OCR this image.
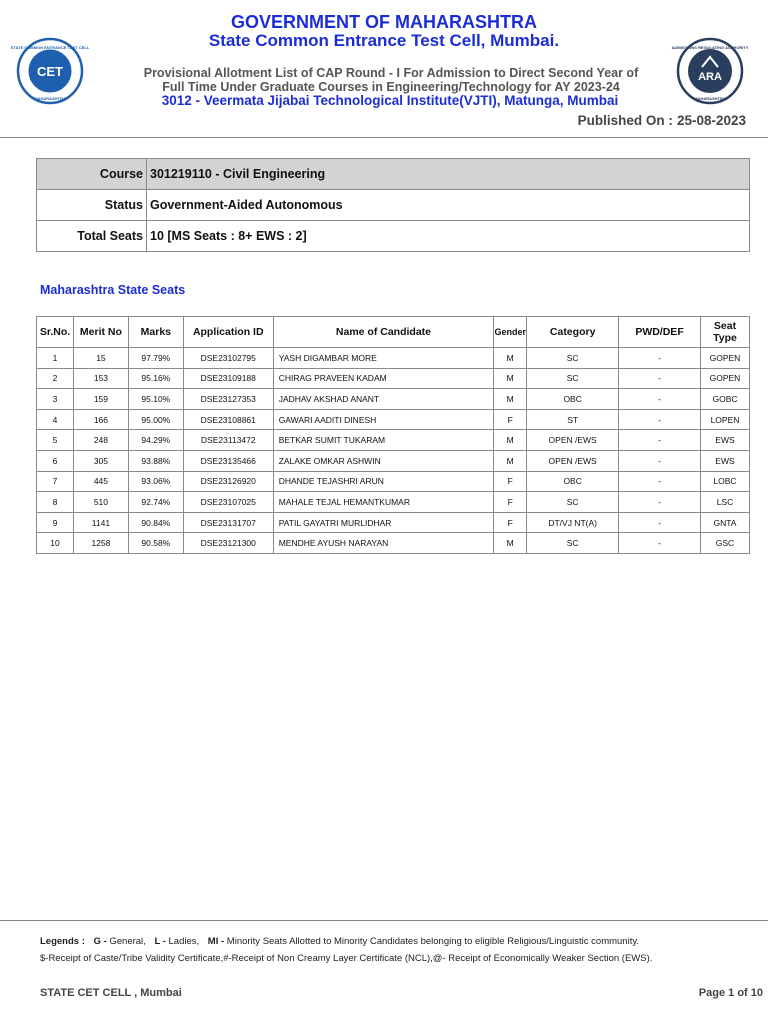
CET
STATE COMMON ENTRANCE TEST CELL
MAHARASHTRA
ARA
ADMISSIONS REGULATING AUTHORITY
MAHARASHTRA
GOVERNMENT OF MAHARASHTRA
State Common Entrance Test Cell, Mumbai.
Provisional Allotment List of CAP Round - I For Admission to Direct Second Year of
Full Time Under Graduate Courses in Engineering/Technology for AY 2023-24
3012 - Veermata Jijabai Technological Institute(VJTI), Matunga, Mumbai
Published On : 25-08-2023
Course	301219110 - Civil Engineering
Status	Government-Aided Autonomous
Total Seats	10 [MS Seats : 8+ EWS : 2]
Maharashtra State Seats
Sr.No.	Merit No	Marks	Application ID	Name of Candidate	Gender	Category	PWD/DEF	Seat Type
1	15	97.79%	DSE23102795	YASH DIGAMBAR MORE	M	SC	-	GOPEN
2	153	95.16%	DSE23109188	CHIRAG PRAVEEN KADAM	M	SC	-	GOPEN
3	159	95.10%	DSE23127353	JADHAV AKSHAD ANANT	M	OBC	-	GOBC
4	166	95.00%	DSE23108861	GAWARI AADITI DINESH	F	ST	-	LOPEN
5	248	94.29%	DSE23113472	BETKAR SUMIT TUKARAM	M	OPEN /EWS	-	EWS
6	305	93.88%	DSE23135466	ZALAKE OMKAR ASHWIN	M	OPEN /EWS	-	EWS
7	445	93.06%	DSE23126920	DHANDE TEJASHRI ARUN	F	OBC	-	LOBC
8	510	92.74%	DSE23107025	MAHALE TEJAL HEMANTKUMAR	F	SC	-	LSC
9	1141	90.84%	DSE23131707	PATIL GAYATRI MURLIDHAR	F	DT/VJ NT(A)	-	GNTA
10	1258	90.58%	DSE23121300	MENDHE AYUSH NARAYAN	M	SC	-	GSC
Legends : G - General, L - Ladies, MI - Minority Seats Allotted to Minority Candidates belonging to eligible Religious/Linguistic community.
$-Receipt of Caste/Tribe Validity Certificate,#-Receipt of Non Creamy Layer Certificate (NCL),@- Receipt of Economically Weaker Section (EWS).
STATE CET CELL , Mumbai	Page 1 of 10
